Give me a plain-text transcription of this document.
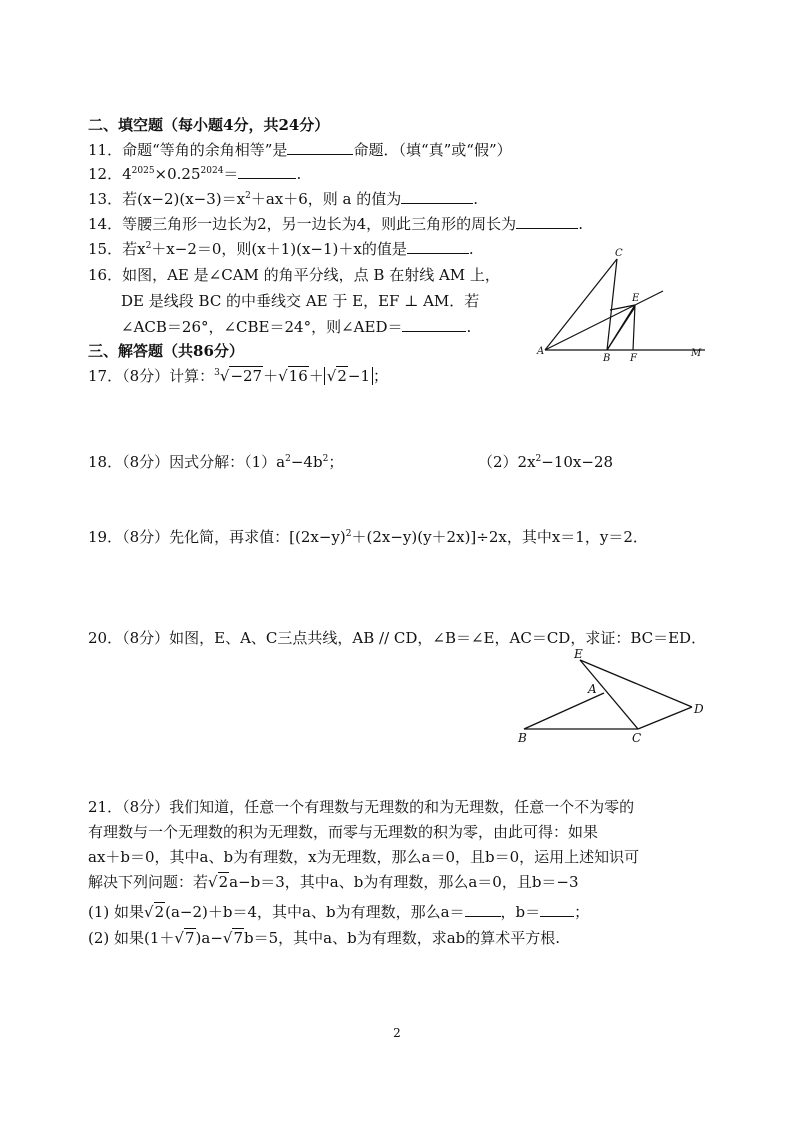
二、填空题（每小题4分，共24分）
11．命题“等角的余角相等”是	命题．（填“真”或“假”）
12．$4^{2025}\times 0.25^{2024}=$	.
13．若$(x-2)(x-3)=x^2+ax+6$，则 a 的值为	.
14．等腰三角形一边长为2，另一边长为4，则此三角形的周长为	.
15．若$x^2+x-2=0$，则(x＋1)(x−1)＋x的值是	.
16．如图，AE 是∠CAM 的角平分线，点 B 在射线 AM 上，
DE 是线段 BC 的中垂线交 AE 于 E，EF ⊥ AM．若
∠ACB＝26°，∠CBE＝24°，则∠AED＝	.
A
B
C
E
F	M
三、解答题（共86分）
17．（8分）计算：$^3$√−27＋√16＋ √2−1 ；
18．（8分）因式分解：$(1)a^2-4b^2$；	$(2)2x^2-10x-28$
19．（8分）先化简，再求值：$[(2x-y)^2+(2x-y)(y+2x)]\div 2x$，其中x＝1，y＝2．
20．（8分）如图，E、A、C三点共线，AB // CD，∠B＝∠E，AC＝CD，求证：BC＝ED．
E
A
B	C
D
21．（8分）我们知道，任意一个有理数与无理数的和为无理数，任意一个不为零的
有理数与一个无理数的积为无理数，而零与无理数的积为零，由此可得：如果
ax＋b＝0，其中a、b为有理数，x为无理数，那么a＝0，且b＝0，运用上述知识可
解决下列问题：若√2a−b＝3，其中a、b为有理数，那么a＝0，且b＝−3
(1) 如果√2(a−2)＋b＝4，其中a、b为有理数，那么a＝ ，b＝ ；
(2) 如果(1＋√7)a−√7b＝5，其中a、b为有理数，求ab的算术平方根.
2
